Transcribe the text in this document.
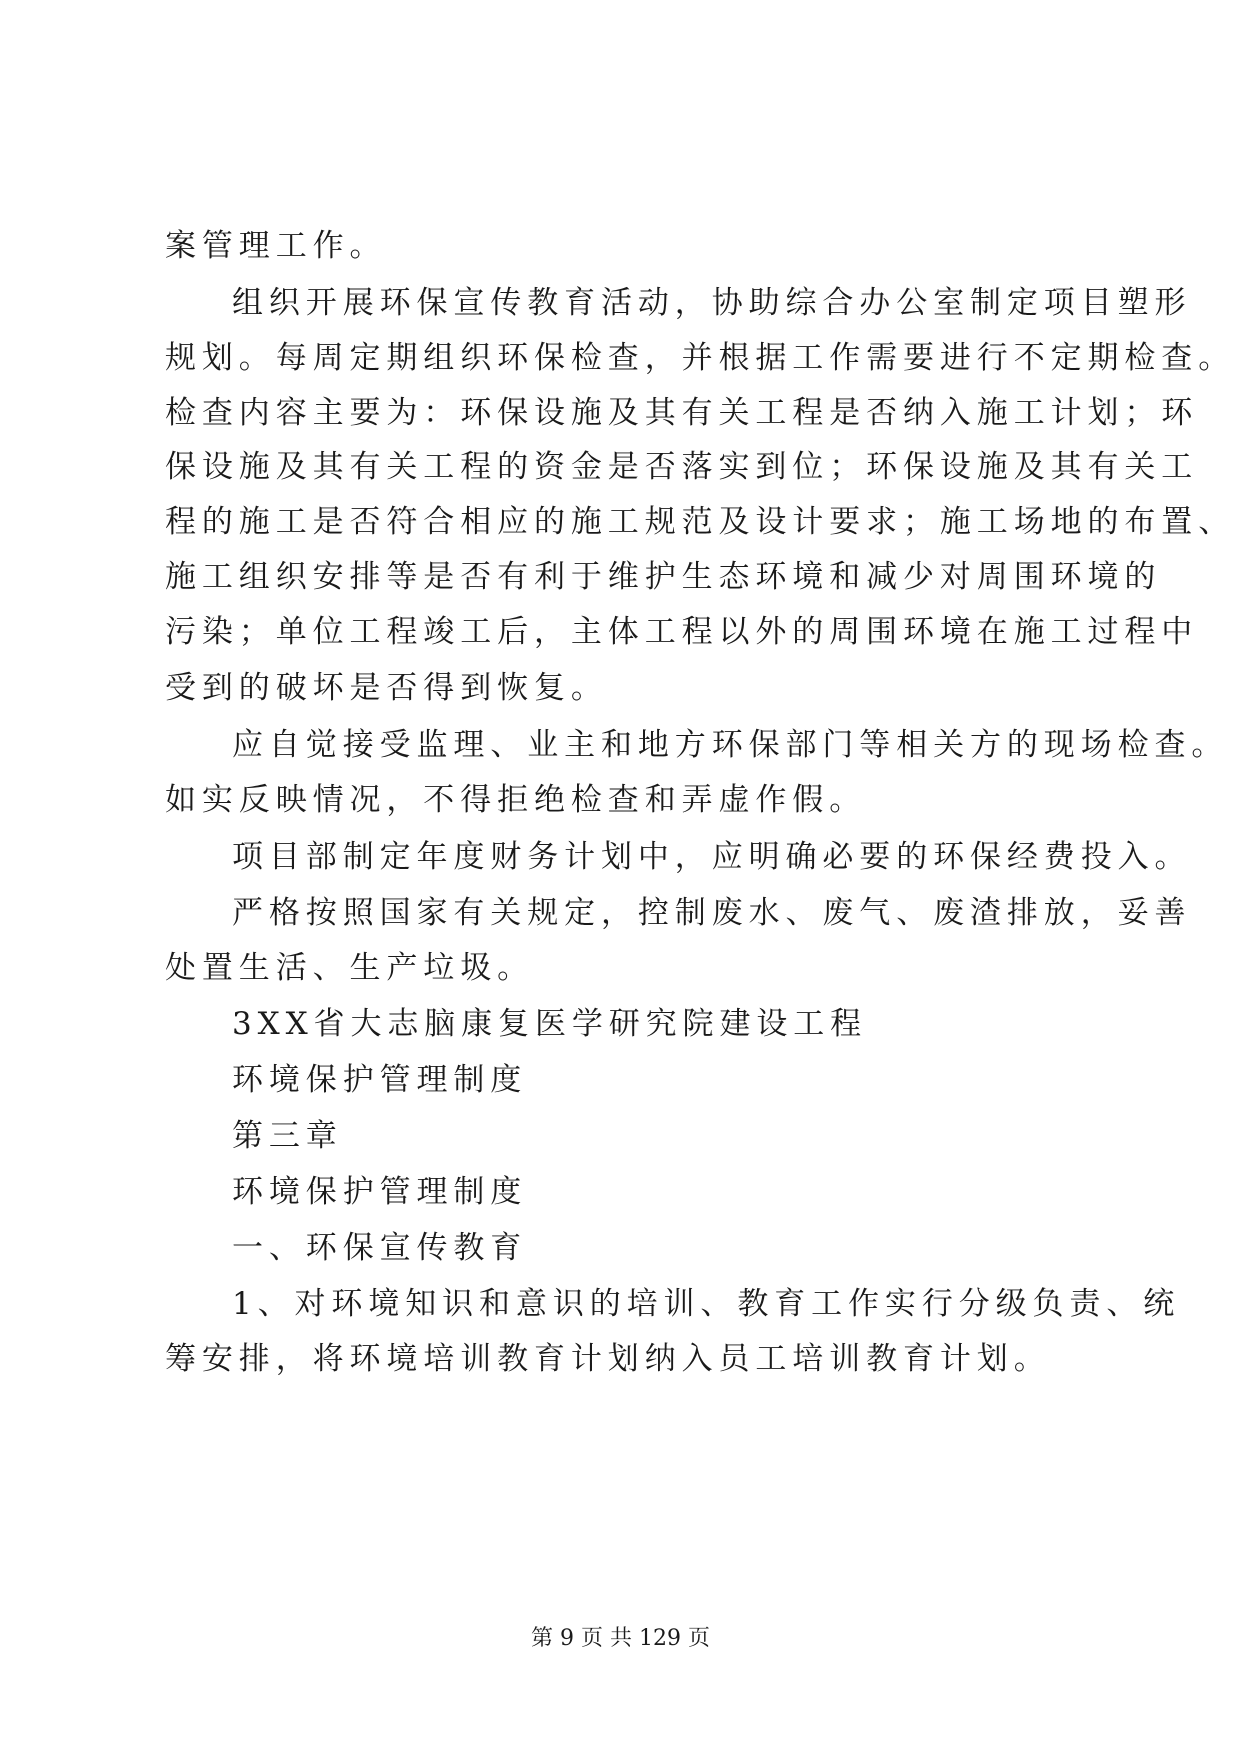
案管理工作。
组织开展环保宣传教育活动，协助综合办公室制定项目塑形
规划。每周定期组织环保检查，并根据工作需要进行不定期检查。
检查内容主要为：环保设施及其有关工程是否纳入施工计划；环
保设施及其有关工程的资金是否落实到位；环保设施及其有关工
程的施工是否符合相应的施工规范及设计要求；施工场地的布置、
施工组织安排等是否有利于维护生态环境和减少对周围环境的
污染；单位工程竣工后，主体工程以外的周围环境在施工过程中
受到的破坏是否得到恢复。
应自觉接受监理、业主和地方环保部门等相关方的现场检查。
如实反映情况，不得拒绝检查和弄虚作假。
项目部制定年度财务计划中，应明确必要的环保经费投入。
严格按照国家有关规定，控制废水、废气、废渣排放，妥善
处置生活、生产垃圾。
3XX省大志脑康复医学研究院建设工程
环境保护管理制度
第三章
环境保护管理制度
一、环保宣传教育
1、对环境知识和意识的培训、教育工作实行分级负责、统
筹安排，将环境培训教育计划纳入员工培训教育计划。
第 9 页 共 129 页
